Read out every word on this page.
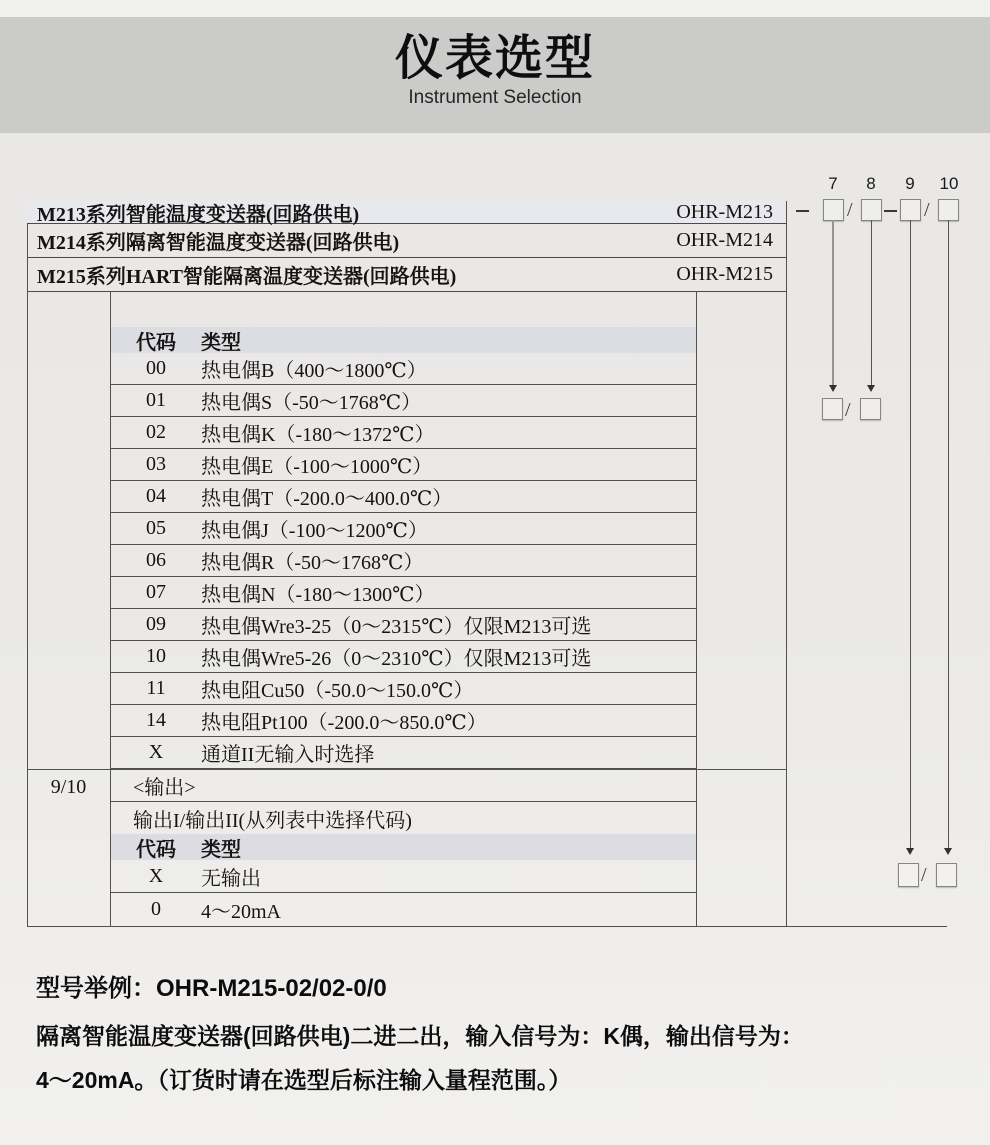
仪表选型
Instrument Selection
M213系列智能温度变送器(回路供电)	OHR-M213
M214系列隔离智能温度变送器(回路供电)	OHR-M214
M215系列HART智能隔离温度变送器(回路供电)	OHR-M215
7	8	9	10
/	/
/
/
代码	类型
00	热电偶B（400～1800℃）
01	热电偶S（-50～1768℃）
02	热电偶K（-180～1372℃）
03	热电偶E（-100～1000℃）
04	热电偶T（-200.0～400.0℃）
05	热电偶J（-100～1200℃）
06	热电偶R（-50～1768℃）
07	热电偶N（-180～1300℃）
09	热电偶Wre3-25（0～2315℃）仅限M213可选
10	热电偶Wre5-26（0～2310℃）仅限M213可选
11	热电阻Cu50（-50.0～150.0℃）
14	热电阻Pt100（-200.0～850.0℃）
X	通道II无输入时选择
9/10	<输出>
输出I/输出II(从列表中选择代码)
代码	类型
X	无输出
0	4～20mA
型号举例：OHR-M215-02/02-0/0
隔离智能温度变送器(回路供电)二进二出，输入信号为：K偶，输出信号为：
4～20mA。（订货时请在选型后标注输入量程范围。）
